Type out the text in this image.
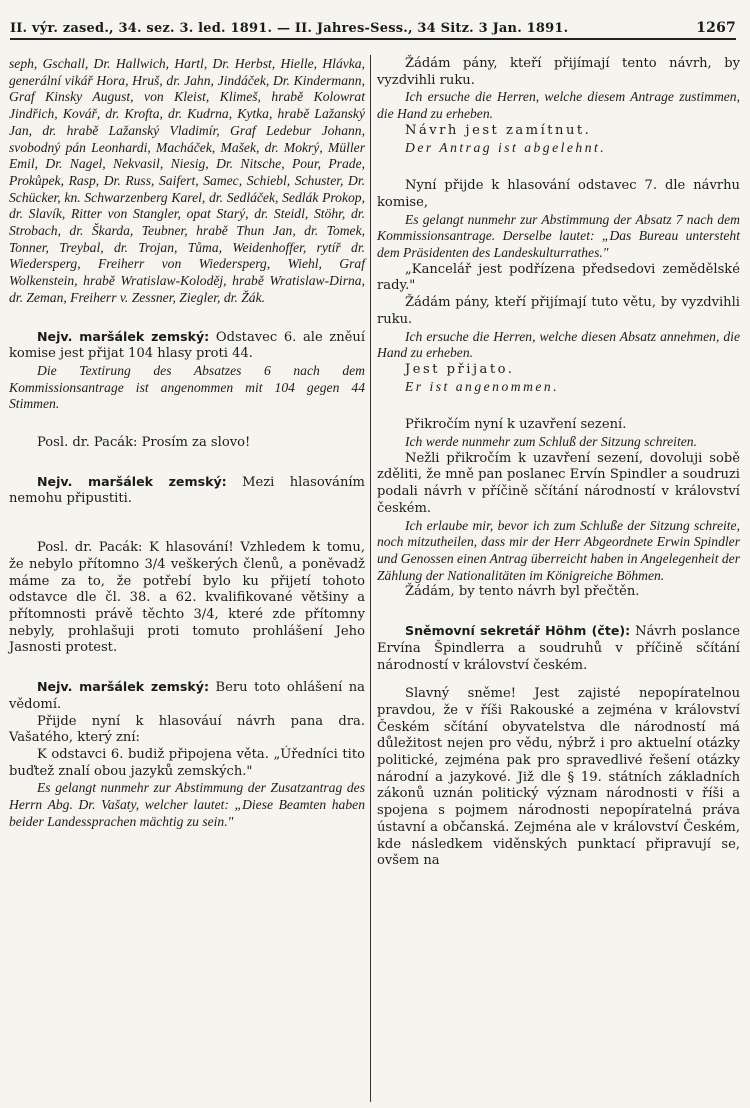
II. výr. zased., 34. sez. 3. led. 1891. — II. Jahres-Sess., 34 Sitz. 3 Jan. 1891.	1267

seph, Gschall, Dr. Hallwich, Hartl, Dr. Herbst, Hielle, Hlávka, generální vikář Hora, Hruš, dr. Jahn, Jindáček, Dr. Kindermann, Graf Kinsky August, von Kleist, Klimeš, hrabě Kolowrat Jindřich, Kovář, dr. Krofta, dr. Kudrna, Kytka, hrabě Lažanský Jan, dr. hrabě Lažanský Vladimír, Graf Ledebur Johann, svobodný pán Leonhardi, Macháček, Mašek, dr. Mokrý, Müller Emil, Dr. Nagel, Nekvasil, Niesig, Dr. Nitsche, Pour, Prade, Prokůpek, Rasp, Dr. Russ, Saifert, Samec, Schiebl, Schuster, Dr. Schücker, kn. Schwarzenberg Karel, dr. Sedláček, Sedlák Prokop, dr. Slavík, Ritter von Stangler, opat Starý, dr. Steidl, Stöhr, dr. Strobach, dr. Škarda, Teubner, hrabě Thun Jan, dr. Tomek, Tonner, Treybal, dr. Trojan, Tůma, Weidenhoffer, rytíř dr. Wiedersperg, Freiherr von Wiedersperg, Wiehl, Graf Wolkenstein, hrabě Wratislaw-Koloděj, hrabě Wratislaw-Dirna, dr. Zeman, Freiherr v. Zessner, Ziegler, dr. Žák.

Nejv. maršálek zemský: Odstavec 6. ale zněuí komise jest přijat 104 hlasy proti 44.

Die Textirung des Absatzes 6 nach dem Kommissionsantrage ist angenommen mit 104 gegen 44 Stimmen.

Posl. dr. Pacák: Prosím za slovo!

Nejv. maršálek zemský: Mezi hlasováním nemohu připustiti.

Posl. dr. Pacák: K hlasování! Vzhledem k tomu, že nebylo přítomno 3/4 veškerých členů, a poněvadž máme za to, že potřebí bylo ku přijetí tohoto odstavce dle čl. 38. a 62. kvalifikované většiny a přítomnosti právě těchto 3/4, které zde přítomny nebyly, prohlašuji proti tomuto prohlášení Jeho Jasnosti protest.

Nejv. maršálek zemský: Beru toto ohlášení na vědomí.

Přijde nyní k hlasováuí návrh pana dra. Vašatého, který zní:

K odstavci 6. budiž připojena věta. „Úředníci tito buďtež znalí obou jazyků zemských."

Es gelangt nunmehr zur Abstimmung der Zusatzantrag des Herrn Abg. Dr. Vašaty, welcher lautet: „Diese Beamten haben beider Landessprachen mächtig zu sein."

Žádám pány, kteří přijímají tento návrh, by vyzdvihli ruku.

Ich ersuche die Herren, welche diesem Antrage zustimmen, die Hand zu erheben.

Návrh jest zamítnut.

Der Antrag ist abgelehnt.

Nyní přijde k hlasování odstavec 7. dle návrhu komise,

Es gelangt nunmehr zur Abstimmung der Absatz 7 nach dem Kommissionsantrage. Derselbe lautet: „Das Bureau untersteht dem Präsidenten des Landeskulturrathes."

„Kancelář jest podřízena předsedovi zemědělské rady."

Žádám pány, kteří přijímají tuto větu, by vyzdvihli ruku.

Ich ersuche die Herren, welche diesen Absatz annehmen, die Hand zu erheben.

Jest přijato.

Er ist angenommen.

Přikročím nyní k uzavření sezení.

Ich werde nunmehr zum Schluß der Sitzung schreiten.

Nežli přikročím k uzavření sezení, dovoluji sobě zděliti, že mně pan poslanec Ervín Spindler a soudruzi podali návrh v příčině sčítání národností v království českém.

Ich erlaube mir, bevor ich zum Schluße der Sitzung schreite, noch mitzutheilen, dass mir der Herr Abgeordnete Erwin Spindler und Genossen einen Antrag überreicht haben in Angelegenheit der Zählung der Nationalitäten im Königreiche Böhmen.

Žádám, by tento návrh byl přečtěn.

Sněmovní sekretář Höhm (čte): Návrh poslance Ervína Špindlerra a soudruhů v příčině sčítání národností v království českém.

Slavný sněme! Jest zajisté nepopíratelnou pravdou, že v říši Rakouské a zejména v království Českém sčítání obyvatelstva dle národností má důležitost nejen pro vědu, nýbrž i pro aktuelní otázky politické, zejména pak pro spravedlivé řešení otázky národní a jazykové. Již dle § 19. státních základních zákonů uznán politický význam národnosti v říši a spojena s pojmem národnosti nepopíratelná práva ústavní a občanská. Zejména ale v království Českém, kde následkem viděnských punktací připravují se, ovšem na
